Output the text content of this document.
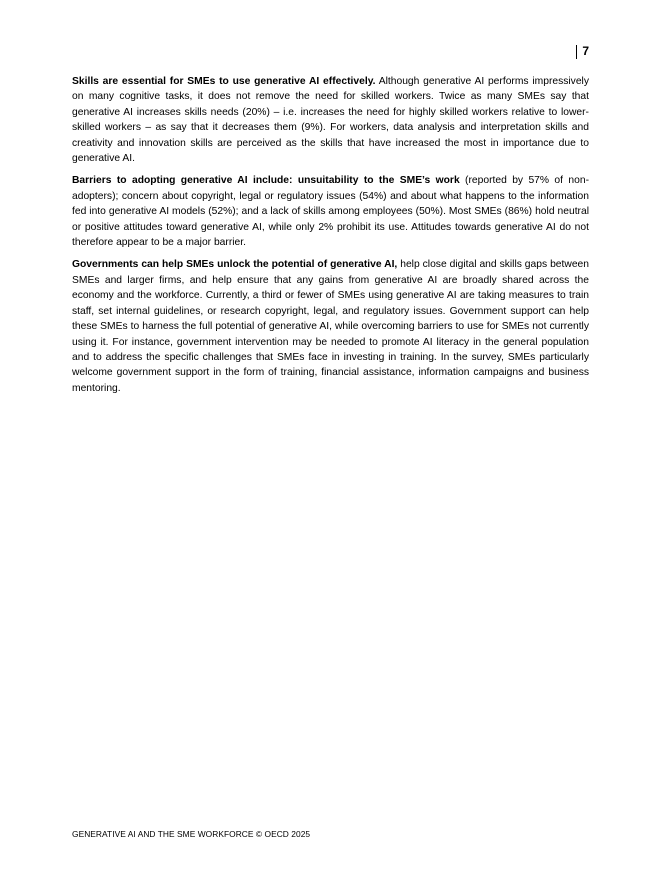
7

Skills are essential for SMEs to use generative AI effectively. Although generative AI performs impressively on many cognitive tasks, it does not remove the need for skilled workers. Twice as many SMEs say that generative AI increases skills needs (20%) – i.e. increases the need for highly skilled workers relative to lower-skilled workers – as say that it decreases them (9%). For workers, data analysis and interpretation skills and creativity and innovation skills are perceived as the skills that have increased the most in importance due to generative AI.

Barriers to adopting generative AI include: unsuitability to the SME’s work (reported by 57% of non-adopters); concern about copyright, legal or regulatory issues (54%) and about what happens to the information fed into generative AI models (52%); and a lack of skills among employees (50%). Most SMEs (86%) hold neutral or positive attitudes toward generative AI, while only 2% prohibit its use. Attitudes towards generative AI do not therefore appear to be a major barrier.

Governments can help SMEs unlock the potential of generative AI, help close digital and skills gaps between SMEs and larger firms, and help ensure that any gains from generative AI are broadly shared across the economy and the workforce. Currently, a third or fewer of SMEs using generative AI are taking measures to train staff, set internal guidelines, or research copyright, legal, and regulatory issues. Government support can help these SMEs to harness the full potential of generative AI, while overcoming barriers to use for SMEs not currently using it. For instance, government intervention may be needed to promote AI literacy in the general population and to address the specific challenges that SMEs face in investing in training. In the survey, SMEs particularly welcome government support in the form of training, financial assistance, information campaigns and business mentoring.

GENERATIVE AI AND THE SME WORKFORCE © OECD 2025
